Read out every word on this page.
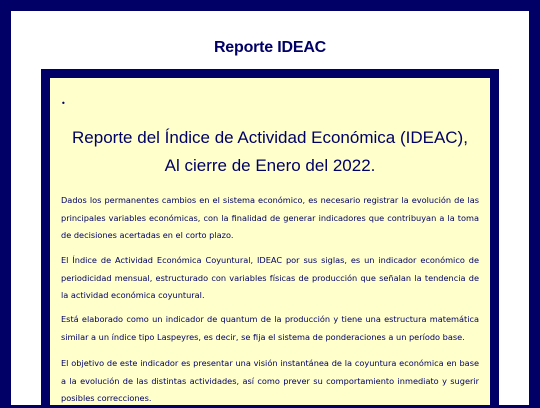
Reporte IDEAC
•
Reporte del Índice de Actividad Económica (IDEAC),
Al cierre de Enero del 2022.

Dados los permanentes cambios en el sistema económico, es necesario registrar la evolución de las principales variables económicas, con la finalidad de generar indicadores que contribuyan a la toma de decisiones acertadas en el corto plazo.

El Índice de Actividad Económica Coyuntural, IDEAC por sus siglas, es un indicador económico de periodicidad mensual, estructurado con variables físicas de producción que señalan la tendencia de la actividad económica coyuntural.

Está elaborado como un indicador de quantum de la producción y tiene una estructura matemática similar a un índice tipo Laspeyres, es decir, se fija el sistema de ponderaciones a un período base.

El objetivo de este indicador es presentar una visión instantánea de la coyuntura económica en base a la evolución de las distintas actividades, así como prever su comportamiento inmediato y sugerir posibles correcciones.
